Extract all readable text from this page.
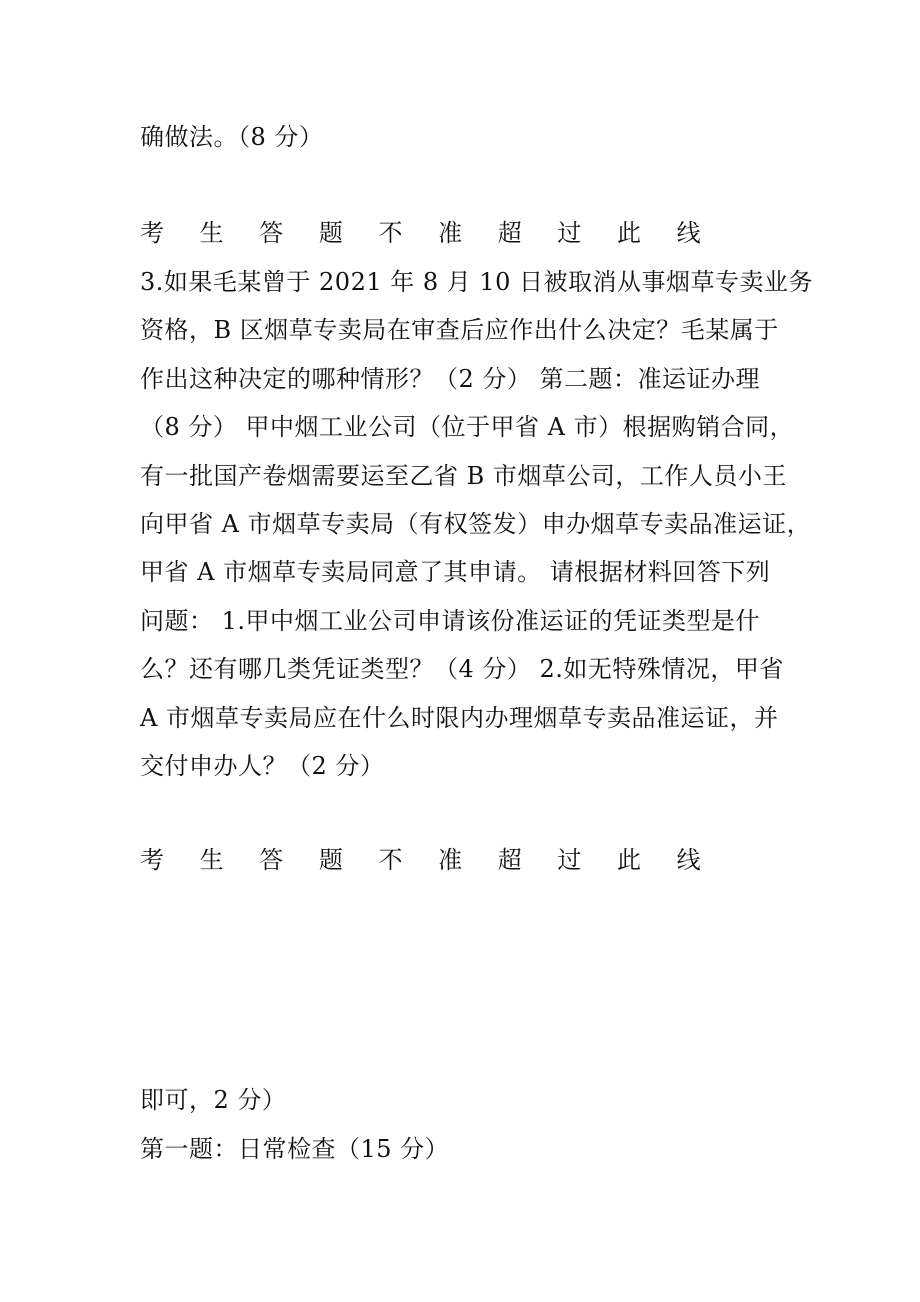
确做法。（8 分）

考 生 答 题 不 准 超 过 此 线

3.如果毛某曾于 2021 年 8 月 10 日被取消从事烟草专卖业务
资格，B 区烟草专卖局在审查后应作出什么决定？毛某属于
作出这种决定的哪种情形？（2 分） 第二题：准运证办理
（8 分） 甲中烟工业公司（位于甲省 A 市）根据购销合同，
有一批国产卷烟需要运至乙省 B 市烟草公司，工作人员小王
向甲省 A 市烟草专卖局（有权签发）申办烟草专卖品准运证，
甲省 A 市烟草专卖局同意了其申请。 请根据材料回答下列
问题： 1.甲中烟工业公司申请该份准运证的凭证类型是什
么？还有哪几类凭证类型？（4 分） 2.如无特殊情况，甲省
A 市烟草专卖局应在什么时限内办理烟草专卖品准运证，并
交付申办人？（2 分）

考 生 答 题 不 准 超 过 此 线

即可，2 分）

第一题：日常检查（15 分）
